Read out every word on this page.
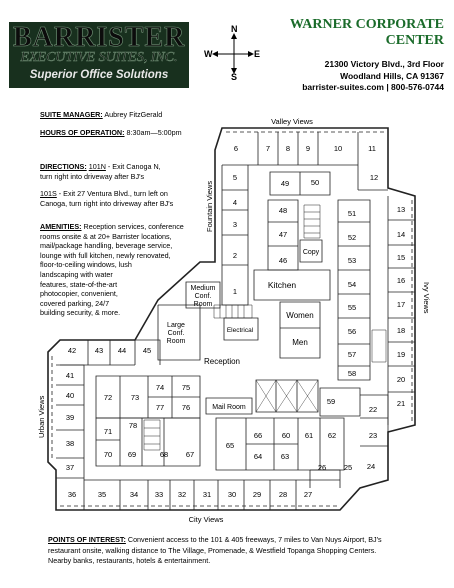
BARRISTER
EXECUTIVE SUITES, INC.
Superior Office Solutions
N
S
W	E
WARNER CORPORATE
CENTER
21300 Victory Blvd., 3rd Floor
Woodland Hills, CA 91367
barrister-suites.com | 800-576-0744
Valley Views
Fountain Views
Ivy Views
Urban Views
City Views
6	7 8 9	10	11
12
13
14
15
16
17
18
19
20
21
22
23
24
25
26
27
28
29
30
31
32
33
34
35
36
37
38
39
40
41
42 43 44 45
46
47
48
49	50
51
52
53
54
55
56
57
58
59
60 61 62
63
64
65
66
67
68
69
70
71
72 73
74 75
76
77
78
1
2
3
4
5
Kitchen
Copy
Women
Men
Electrical
Medium
Conf.
Room
Large
Conf.
Room
Reception
Mail Room
SUITE MANAGER: Aubrey FitzGerald
HOURS OF OPERATION: 8:30am—5:00pm
DIRECTIONS: 101N - Exit Canoga N,
turn right into driveway after BJ's
101S - Exit 27 Ventura Blvd., turn left on
Canoga, turn right into driveway after BJ's
AMENITIES: Reception services, conference
rooms onsite & at 20+ Barrister locations,
mail/package handling, beverage service,
lounge with full kitchen, newly renovated,
floor-to-ceiling windows, lush
landscaping with water
features, state-of-the-art
photocopier, convenient,
covered parking, 24/7
building security, & more.
POINTS OF INTEREST: Convenient access to the 101 & 405 freeways, 7 miles to Van Nuys Airport, BJ's
restaurant onsite, walking distance to The Village, Promenade, & Westfield Topanga Shopping Centers.
Nearby banks, restaurants, hotels & entertainment.
